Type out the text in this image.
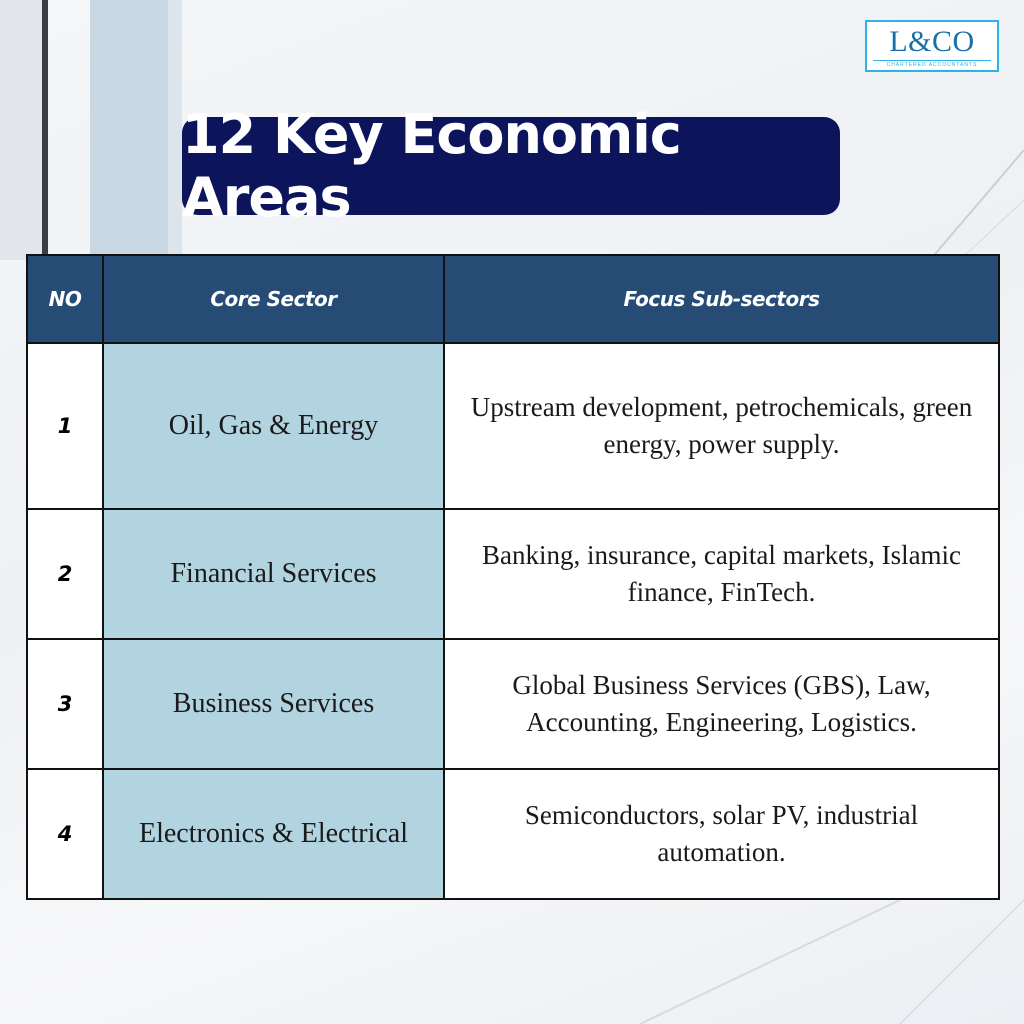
L&CO
CHARTERED ACCOUNTANTS
12 Key Economic Areas
NO	Core Sector	Focus Sub-sectors
1	Oil, Gas & Energy	Upstream development, petrochemicals, green energy, power supply.
2	Financial Services	Banking, insurance, capital markets, Islamic finance, FinTech.
3	Business Services	Global Business Services (GBS), Law, Accounting, Engineering, Logistics.
4	Electronics & Electrical	Semiconductors, solar PV, industrial automation.
